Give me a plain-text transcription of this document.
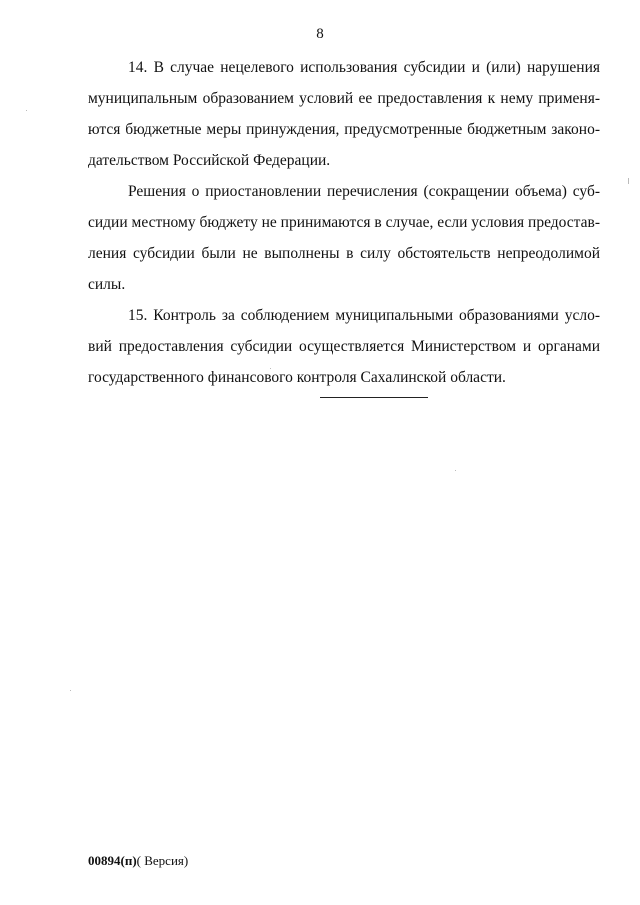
8
14. В случае нецелевого использования субсидии и (или) нарушения
муниципальным образованием условий ее предоставления к нему применя-
ются бюджетные меры принуждения, предусмотренные бюджетным законо-
дательством Российской Федерации.
Решения о приостановлении перечисления (сокращении объема) суб-
сидии местному бюджету не принимаются в случае, если условия предостав-
ления субсидии были не выполнены в силу обстоятельств непреодолимой
силы.
15. Контроль за соблюдением муниципальными образованиями усло-
вий предоставления субсидии осуществляется Министерством и органами
государственного финансового контроля Сахалинской области.
00894(п)( Версия)
